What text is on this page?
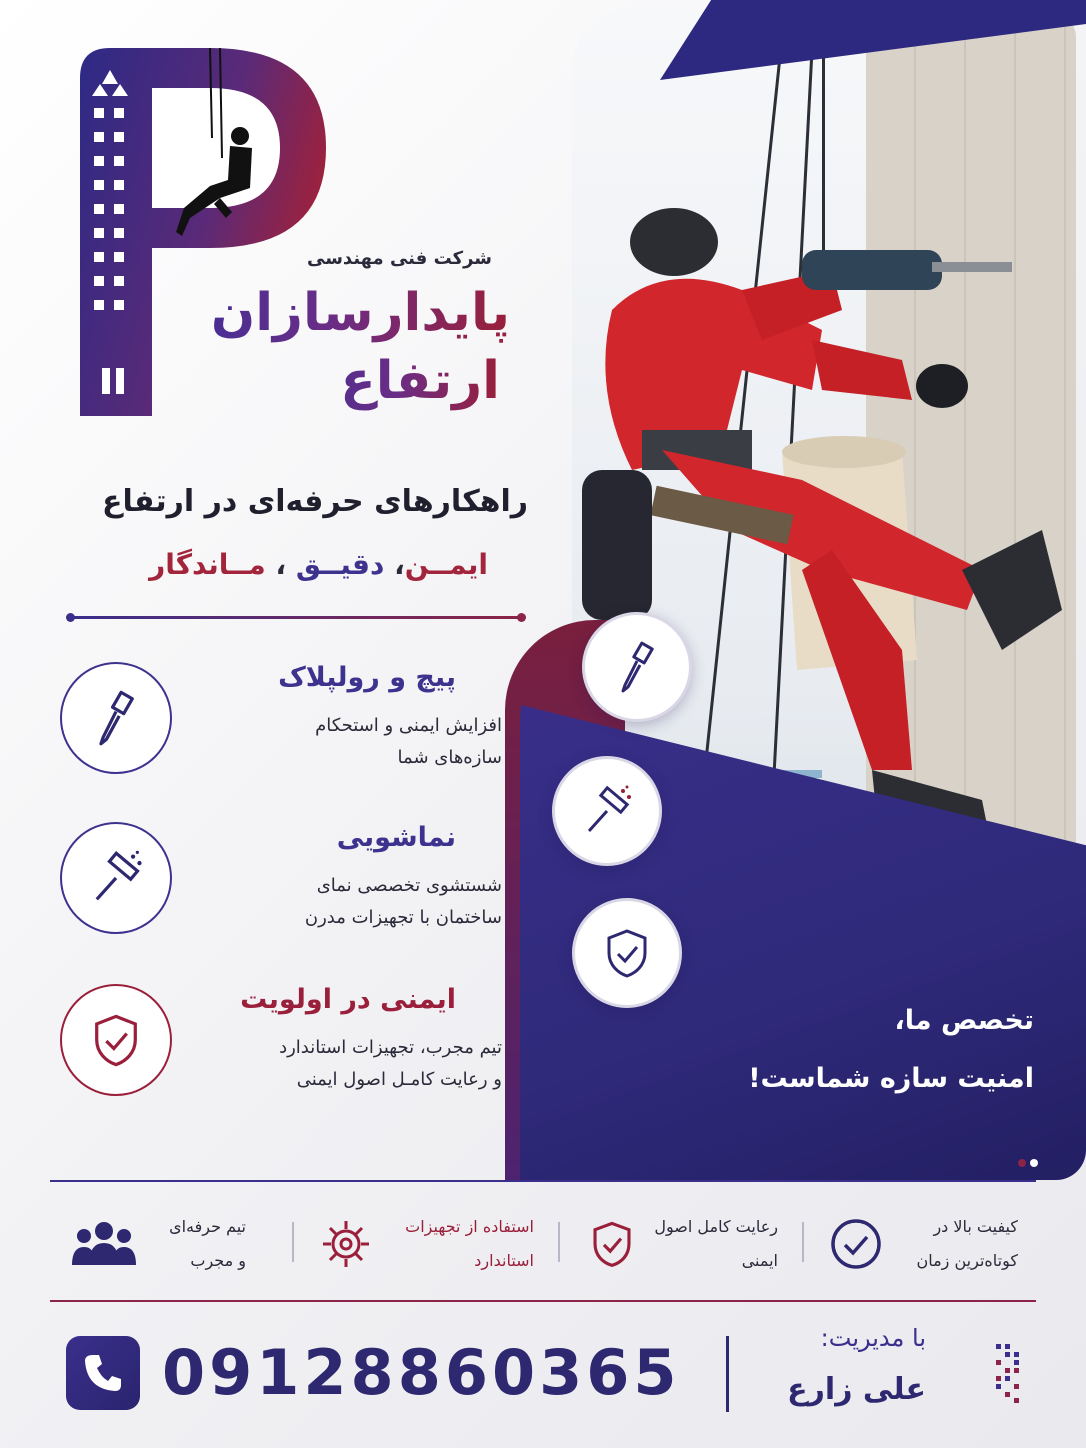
تخصص ما،
امنیت سازه شماست!
شرکت فنی مهندسی
پایدارسازان
ارتفاع
راهکارهای حرفه‌ای در ارتفاع
ایمــن، دقیــق ، مــاندگار
پیچ و رولپلاک
افزایش ایمنی و استحکام
سازه‌های شما
نماشویی
شستشوی تخصصی نمای
ساختمان با تجهیزات مدرن
ایمنی در اولویت
تیم مجرب، تجهیزات استاندارد
و رعایت کامـل اصول ایمنی
کیفیت بالا در
کوتاه‌ترین زمان
رعایت کامل اصول
ایمنی
استفاده از تجهیزات
استاندارد
تیم حرفه‌ای
و مجرب
09128860365	با مدیریت:
علی زارع
